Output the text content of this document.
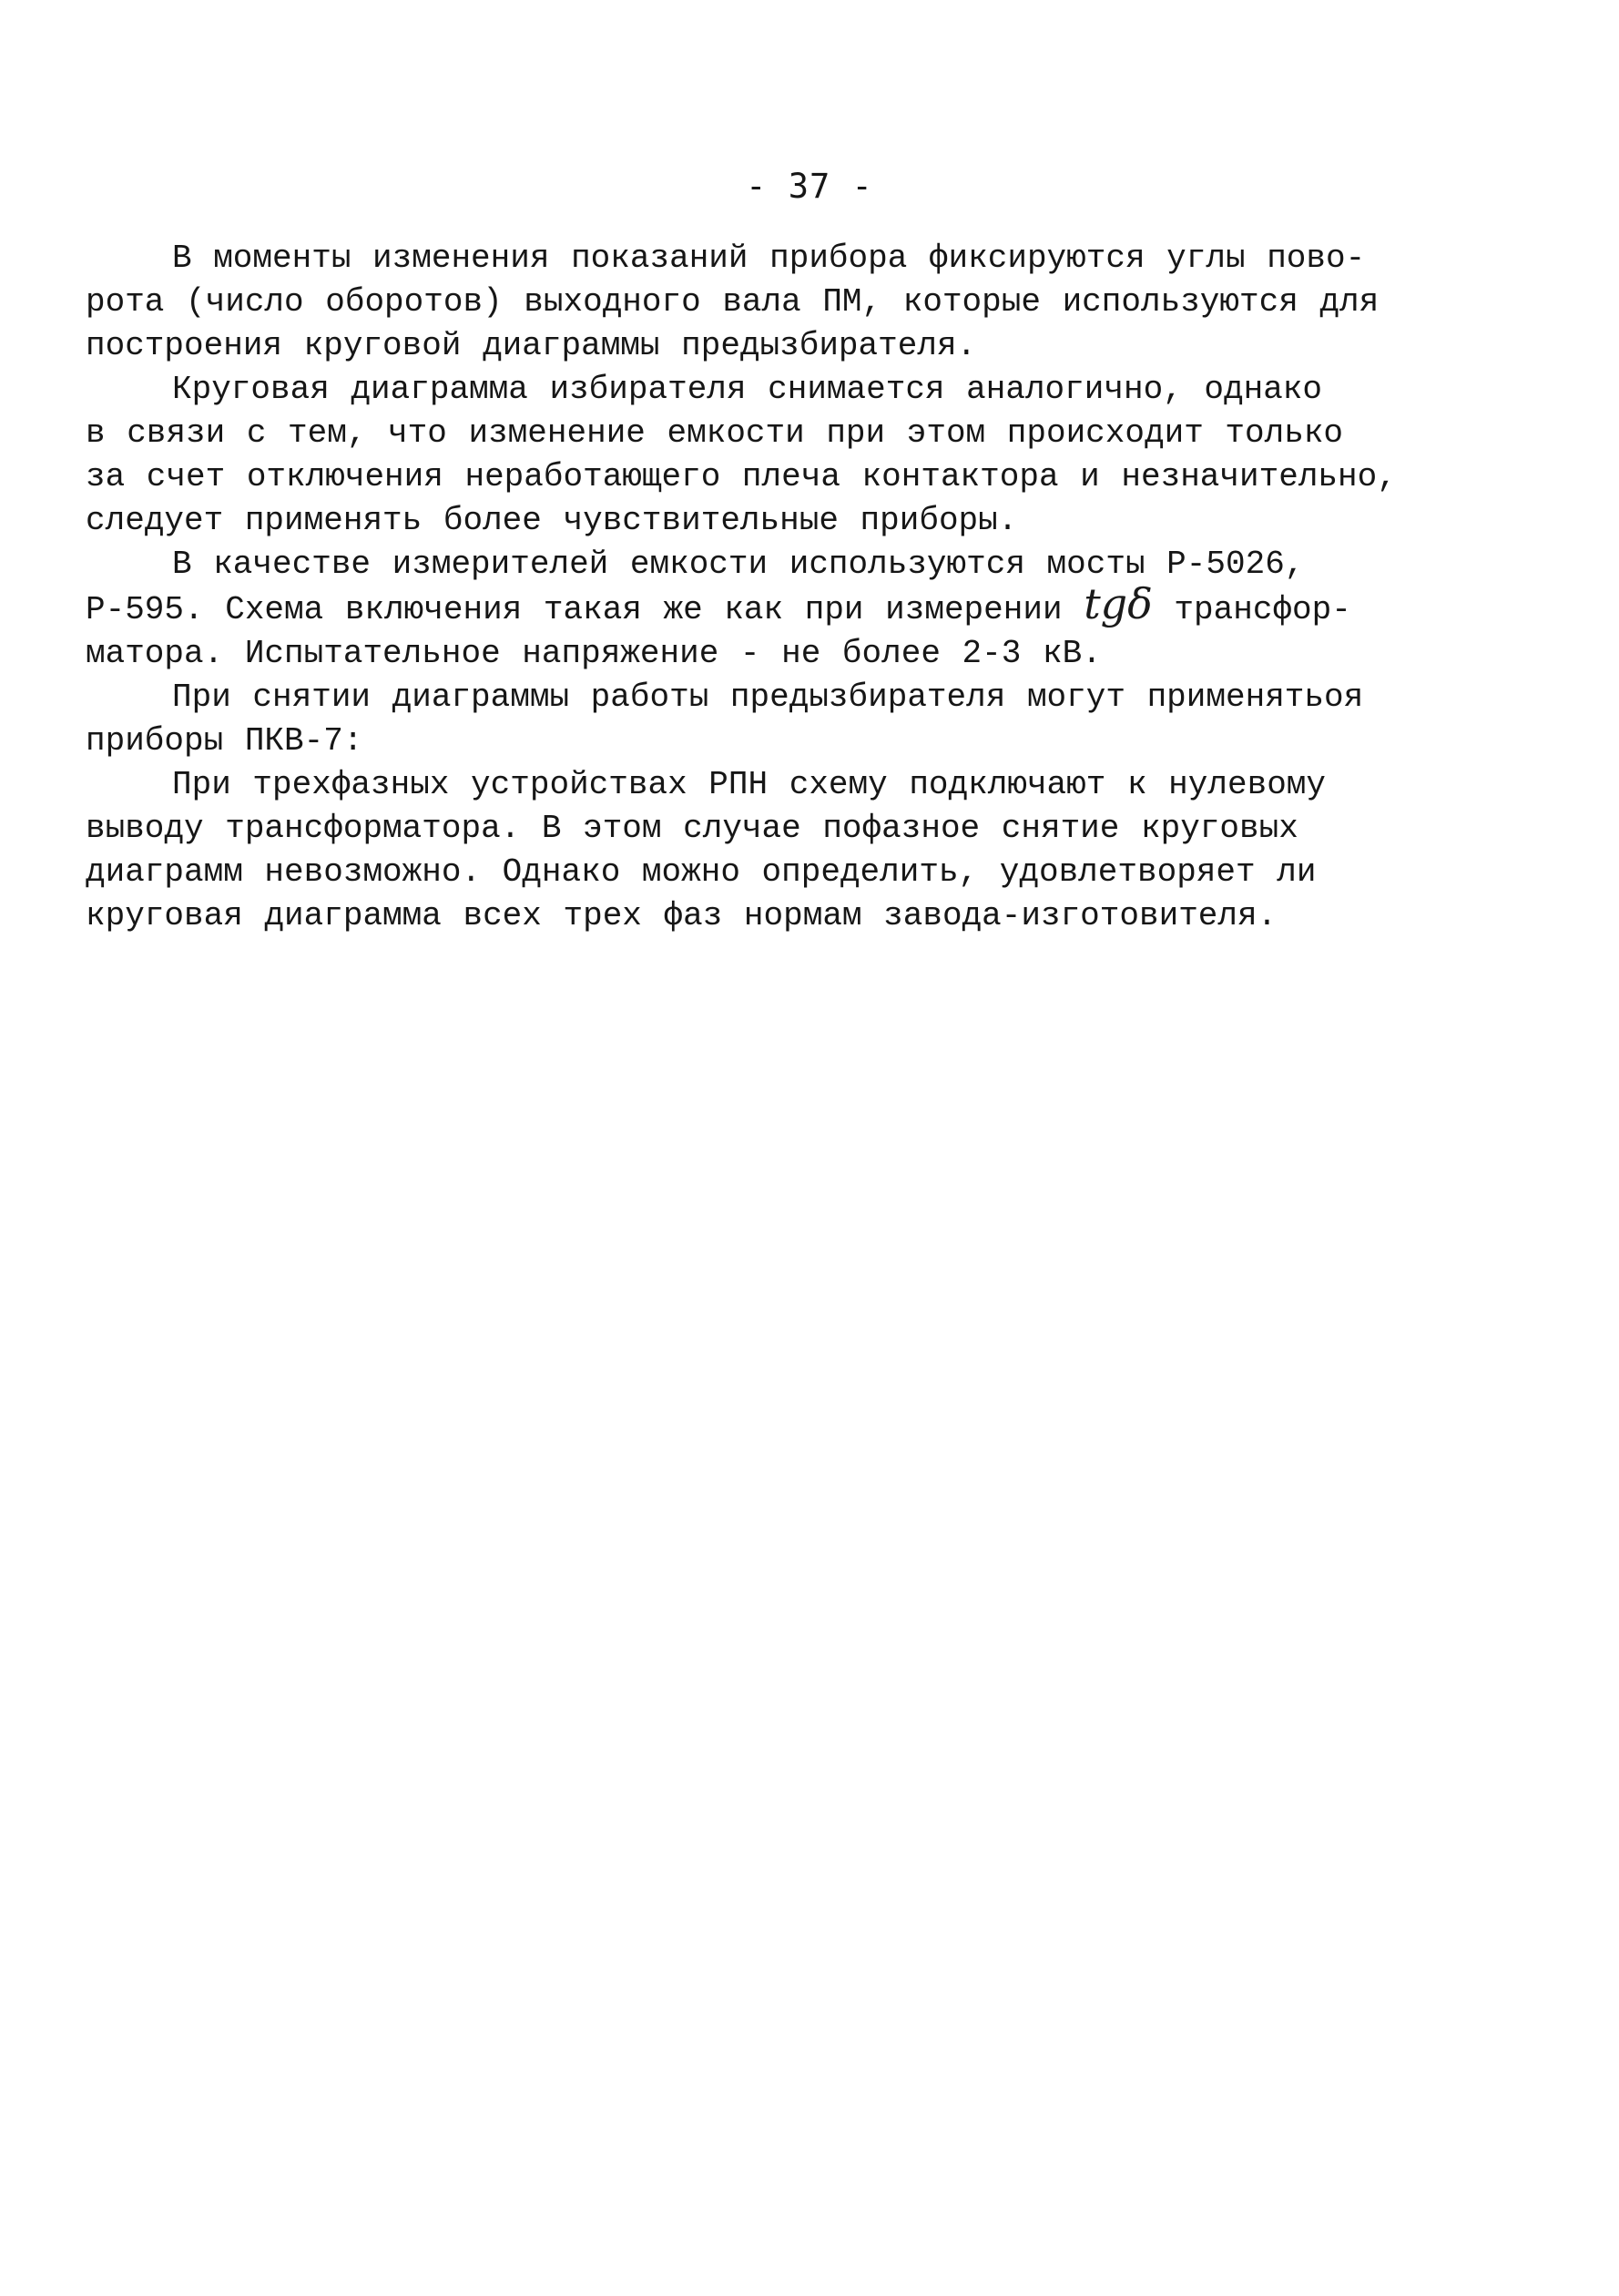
- 37 -
В моменты изменения показаний прибора фиксируются углы пово-
рота (число оборотов) выходного вала ПМ, которые используются для
построения круговой диаграммы предызбирателя.
Круговая диаграмма избирателя снимается аналогично, однако
в связи с тем, что изменение емкости при этом происходит только
за счет отключения неработающего плеча контактора и незначительно,
следует применять более чувствительные приборы.
В качестве измерителей емкости используются мосты Р-5026,
Р-595. Схема включения такая же как при измерении tgδ трансфор-
матора. Испытательное напряжение - не более 2-3 кВ.
При снятии диаграммы работы предызбирателя могут применятьоя
приборы ПКВ-7:
При трехфазных устройствах РПН схему подключают к нулевому
выводу трансформатора. В этом случае пофазное снятие круговых
диаграмм невозможно. Однако можно определить, удовлетворяет ли
круговая диаграмма всех трех фаз нормам завода-изготовителя.
